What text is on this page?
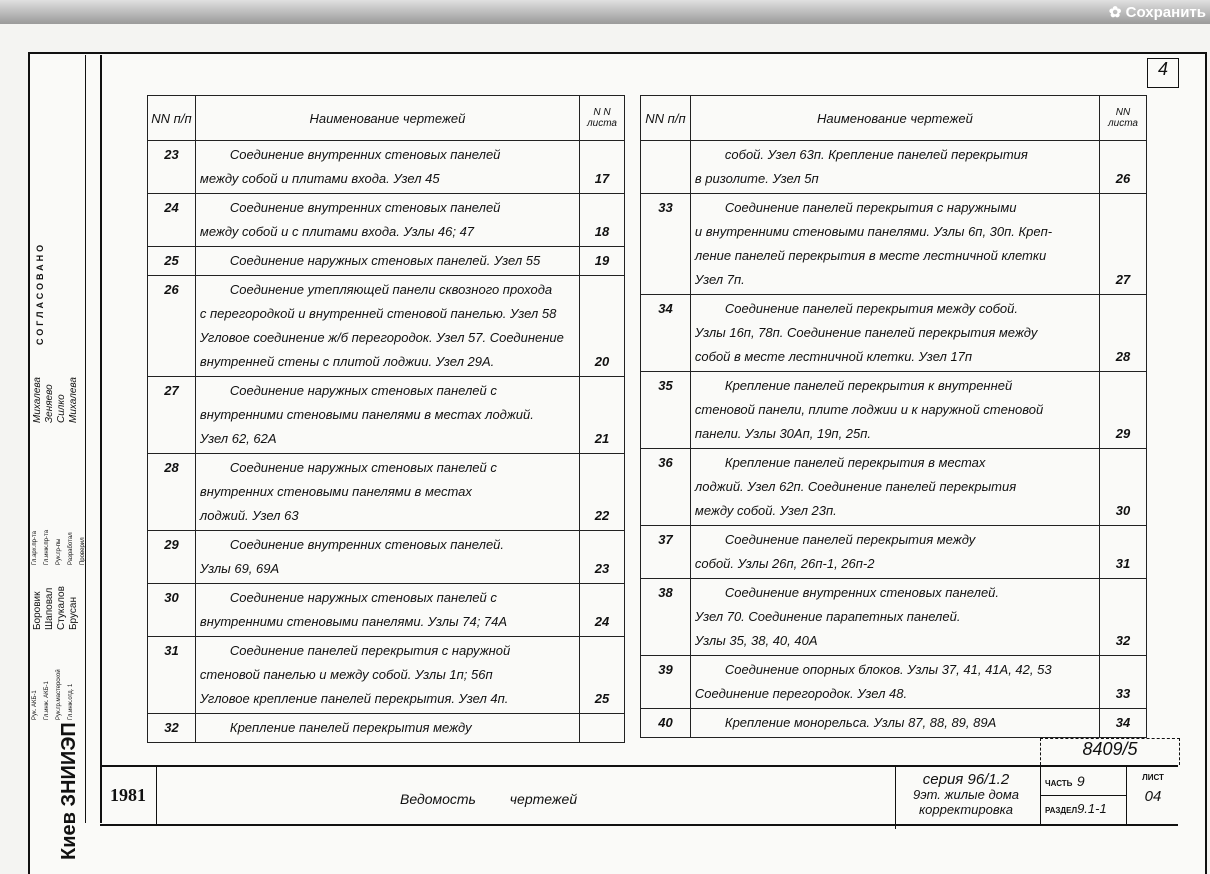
✿ Сохранить
4
СОГЛАСОВАНО
Киев ЗНИИЭП
Боровик Шаповал Стукалов Брусан
Рук. АКБ-1 Гл.инж. АКБ-1 Рук.гр.мастерской Гл.инж.отд. 1
Гл.арх.пр-та Гл.инж.пр-та Рук.гр-пы Разработал Проверил
Михалева Зеняево Силко Михалева
NN п/п	Наименование чертежей	N N листа
23	Соединение внутренних стеновых панелей
между собой и плитами входа. Узел 45	17
24	Соединение внутренних стеновых панелей
между собой и с плитами входа. Узлы 46; 47	18
25	Соединение наружных стеновых панелей. Узел 55	19
26	Соединение утепляющей панели сквозного прохода
с перегородкой и внутренней стеновой панелью. Узел 58
Угловое соединение ж/б перегородок. Узел 57. Соединение
внутренней стены с плитой лоджии. Узел 29А.	20
27	Соединение наружных стеновых панелей с
внутренними стеновыми панелями в местах лоджий.
Узел 62, 62А	21
28	Соединение наружных стеновых панелей с
внутренних стеновыми панелями в местах
лоджий. Узел 63	22
29	Соединение внутренних стеновых панелей.
Узлы 69, 69А	23
30	Соединение наружных стеновых панелей с
внутренними стеновыми панелями. Узлы 74; 74А	24
31	Соединение панелей перекрытия с наружной
стеновой панелью и между собой. Узлы 1п; 56п
Угловое крепление панелей перекрытия. Узел 4п.	25
32	Крепление панелей перекрытия между	

NN п/п	Наименование чертежей	NN листа

	собой. Узел 63п. Крепление панелей перекрытия
в ризолите. Узел 5п	26
33	Соединение панелей перекрытия с наружными
и внутренними стеновыми панелями. Узлы 6п, 30п. Креп-
ление панелей перекрытия в месте лестничной клетки
Узел 7п.	27
34	Соединение панелей перекрытия между собой.
Узлы 16п, 78п. Соединение панелей перекрытия между
собой в месте лестничной клетки. Узел 17п	28
35	Крепление панелей перекрытия к внутренней
стеновой панели, плите лоджии и к наружной стеновой
панели. Узлы 30Ап, 19п, 25п.	29
36	Крепление панелей перекрытия в местах
лоджий. Узел 62п. Соединение панелей перекрытия
между собой. Узел 23п.	30
37	Соединение панелей перекрытия между
собой. Узлы 26п, 26п-1, 26п-2	31
38	Соединение внутренних стеновых панелей.
Узел 70. Соединение парапетных панелей.
Узлы 35, 38, 40, 40А	32
39	Соединение опорных блоков. Узлы 37, 41, 41А, 42, 53
Соединение перегородок. Узел 48.	33
40	Крепление монорельса. Узлы 87, 88, 89, 89А	34
8409/5
1981	Ведомость чертежей
серия 96/1.2
9эт. жилые дома
корректировка
ЧАСТЬ 9
РАЗДЕЛ9.1-1
ЛИСТ
04
